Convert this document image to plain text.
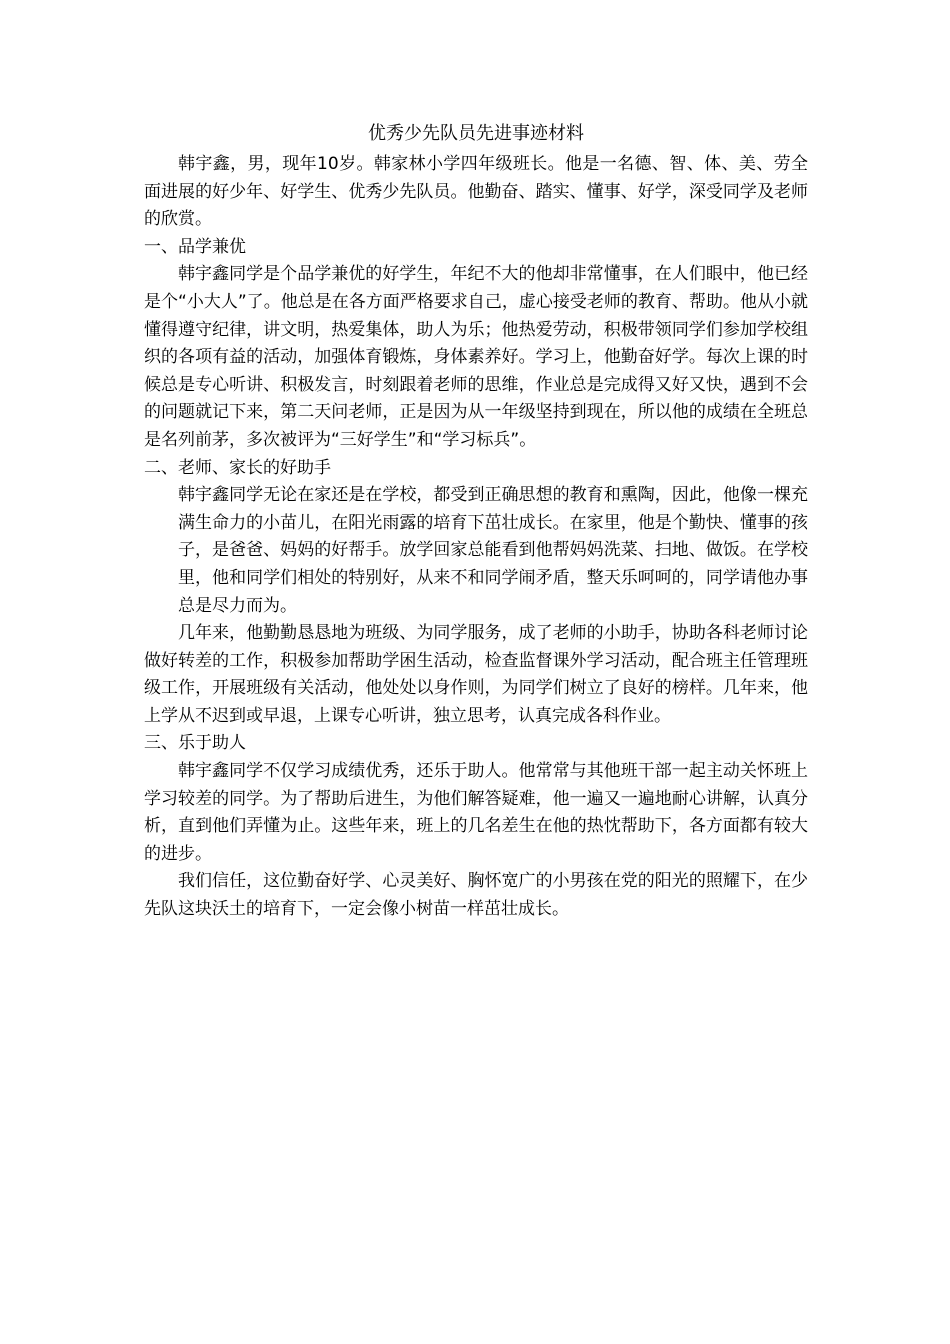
优秀少先队员先进事迹材料

韩宇鑫，男，现年10岁。韩家林小学四年级班长。他是一名德、智、体、美、劳全面进展的好少年、好学生、优秀少先队员。他勤奋、踏实、懂事、好学，深受同学及老师的欣赏。

一、品学兼优

韩宇鑫同学是个品学兼优的好学生，年纪不大的他却非常懂事，在人们眼中，他已经是个“小大人”了。他总是在各方面严格要求自己，虚心接受老师的教育、帮助。他从小就懂得遵守纪律，讲文明，热爱集体，助人为乐；他热爱劳动，积极带领同学们参加学校组织的各项有益的活动，加强体育锻炼，身体素养好。学习上，他勤奋好学。每次上课的时候总是专心听讲、积极发言，时刻跟着老师的思维，作业总是完成得又好又快，遇到不会的问题就记下来，第二天问老师，正是因为从一年级坚持到现在，所以他的成绩在全班总是名列前茅，多次被评为“三好学生”和“学习标兵”。

二、老师、家长的好助手

韩宇鑫同学无论在家还是在学校，都受到正确思想的教育和熏陶，因此，他像一棵充满生命力的小苗儿，在阳光雨露的培育下茁壮成长。在家里，他是个勤快、懂事的孩子，是爸爸、妈妈的好帮手。放学回家总能看到他帮妈妈洗菜、扫地、做饭。在学校里，他和同学们相处的特别好，从来不和同学闹矛盾，整天乐呵呵的，同学请他办事总是尽力而为。

几年来，他勤勤恳恳地为班级、为同学服务，成了老师的小助手，协助各科老师讨论做好转差的工作，积极参加帮助学困生活动，检查监督课外学习活动，配合班主任管理班级工作，开展班级有关活动，他处处以身作则，为同学们树立了良好的榜样。几年来，他上学从不迟到或早退，上课专心听讲，独立思考，认真完成各科作业。

三、乐于助人

韩宇鑫同学不仅学习成绩优秀，还乐于助人。他常常与其他班干部一起主动关怀班上学习较差的同学。为了帮助后进生，为他们解答疑难，他一遍又一遍地耐心讲解，认真分析，直到他们弄懂为止。这些年来，班上的几名差生在他的热忱帮助下，各方面都有较大的进步。

我们信任，这位勤奋好学、心灵美好、胸怀宽广的小男孩在党的阳光的照耀下，在少先队这块沃土的培育下，一定会像小树苗一样茁壮成长。
